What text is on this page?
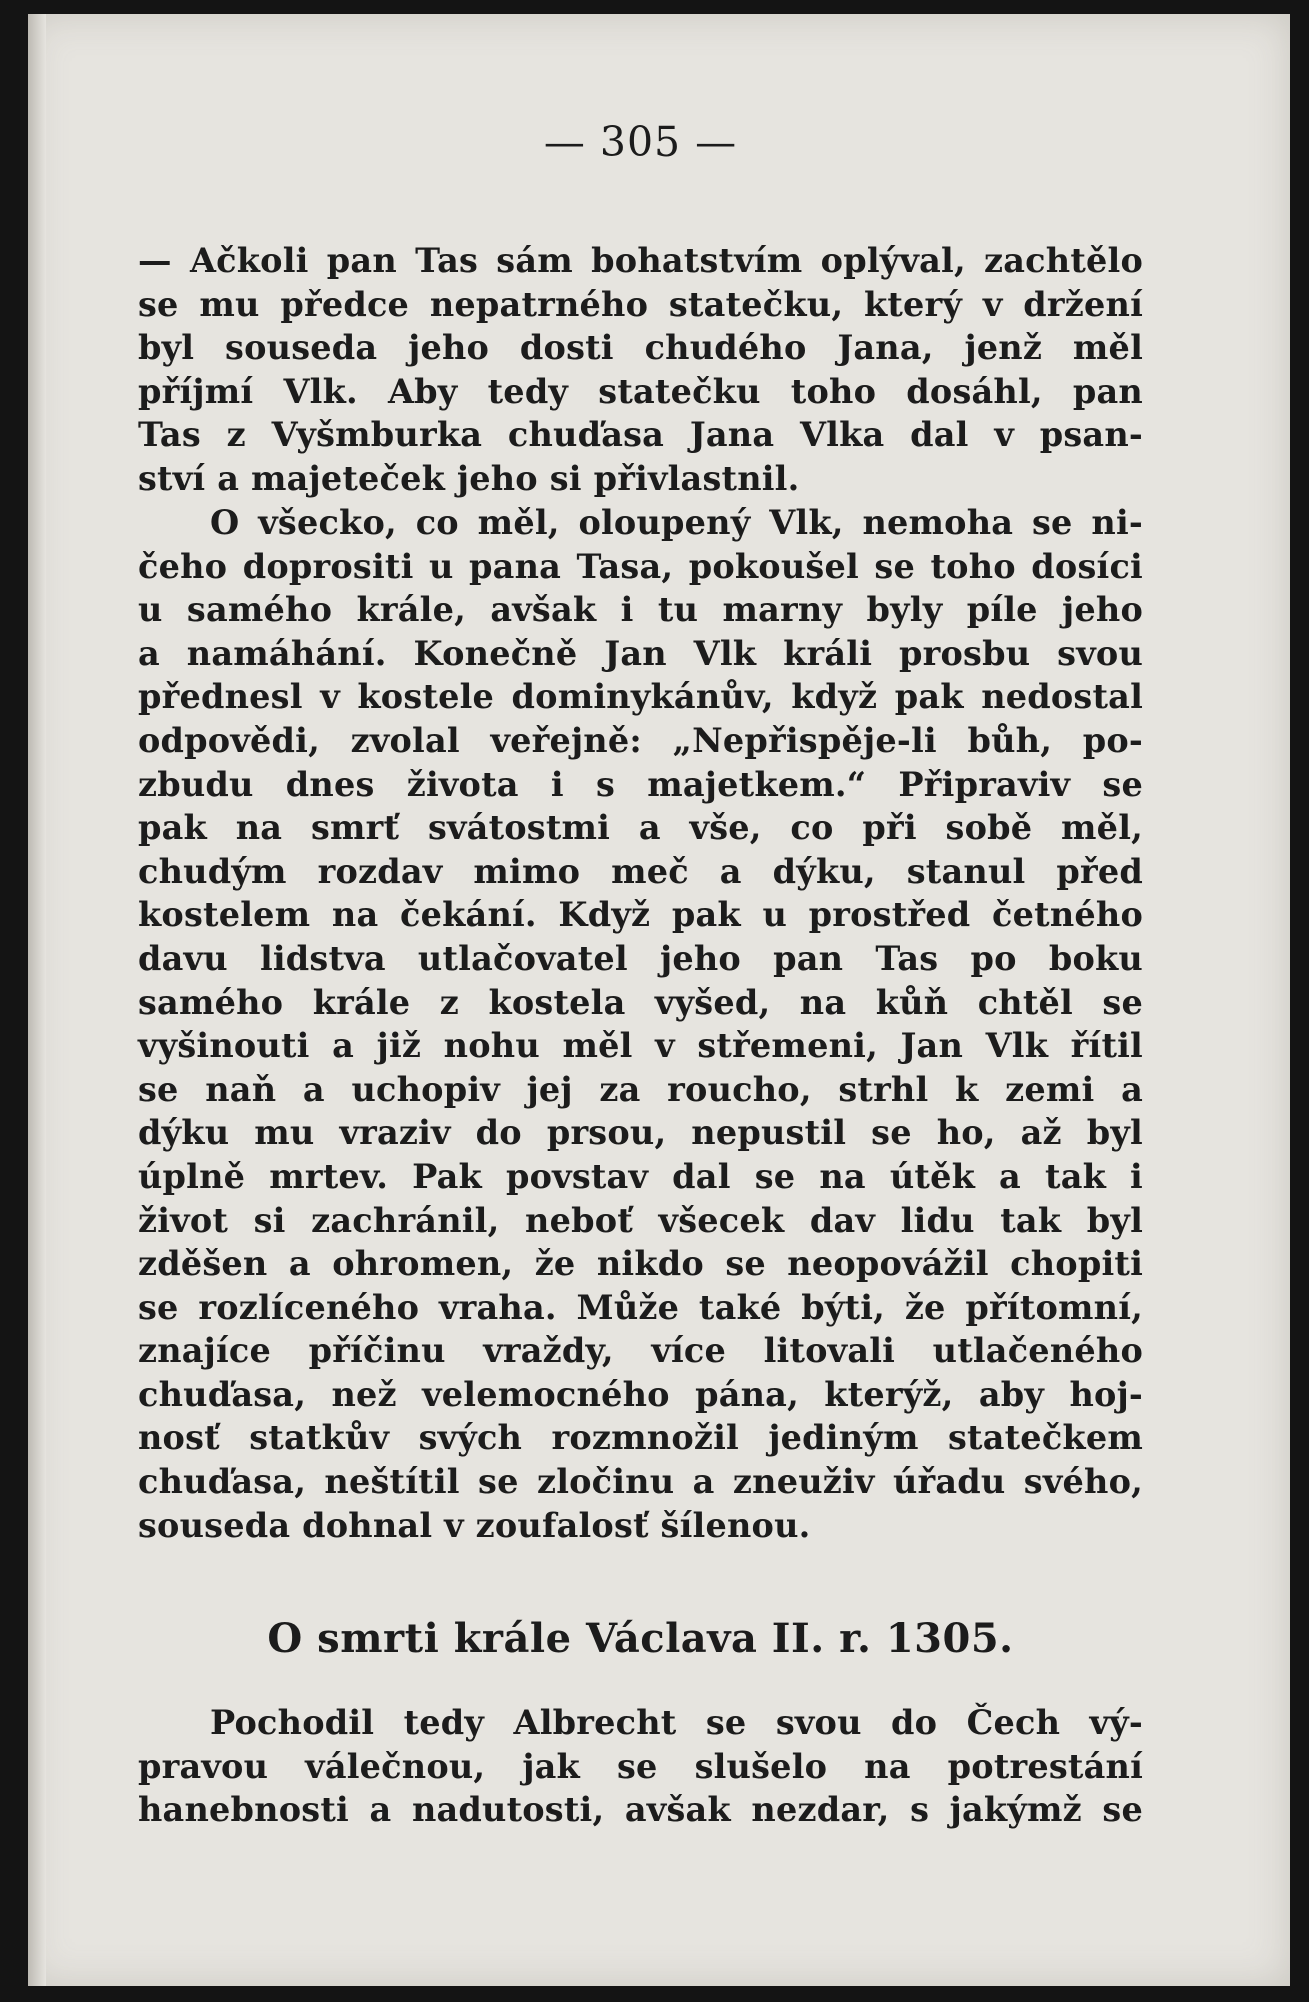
— 305 —
— Ačkoli pan Tas sám bohatstvím oplýval, zachtělo
se mu předce nepatrného statečku, který v držení
byl souseda jeho dosti chudého Jana, jenž měl
příjmí Vlk. Aby tedy statečku toho dosáhl, pan
Tas z Vyšmburka chuďasa Jana Vlka dal v psan-
ství a majeteček jeho si přivlastnil.
O všecko, co měl, oloupený Vlk, nemoha se ni-
čeho doprositi u pana Tasa, pokoušel se toho dosíci
u samého krále, avšak i tu marny byly píle jeho
a namáhání. Konečně Jan Vlk králi prosbu svou
přednesl v kostele dominykánův, když pak nedostal
odpovědi, zvolal veřejně: „Nepřispěje-li bůh, po-
zbudu dnes života i s majetkem.“ Připraviv se
pak na smrť svátostmi a vše, co při sobě měl,
chudým rozdav mimo meč a dýku, stanul před
kostelem na čekání. Když pak u prostřed četného
davu lidstva utlačovatel jeho pan Tas po boku
samého krále z kostela vyšed, na kůň chtěl se
vyšinouti a již nohu měl v střemeni, Jan Vlk řítil
se naň a uchopiv jej za roucho, strhl k zemi a
dýku mu vraziv do prsou, nepustil se ho, až byl
úplně mrtev. Pak povstav dal se na útěk a tak i
život si zachránil, neboť všecek dav lidu tak byl
zděšen a ohromen, že nikdo se neopovážil chopiti
se rozlíceného vraha. Může také býti, že přítomní,
znajíce příčinu vraždy, více litovali utlačeného
chuďasa, než velemocného pána, kterýž, aby hoj-
nosť statkův svých rozmnožil jediným statečkem
chuďasa, neštítil se zločinu a zneuživ úřadu svého,
souseda dohnal v zoufalosť šílenou.
O smrti krále Václava II. r. 1305.
Pochodil tedy Albrecht se svou do Čech vý-
pravou válečnou, jak se slušelo na potrestání
hanebnosti a nadutosti, avšak nezdar, s jakýmž se
